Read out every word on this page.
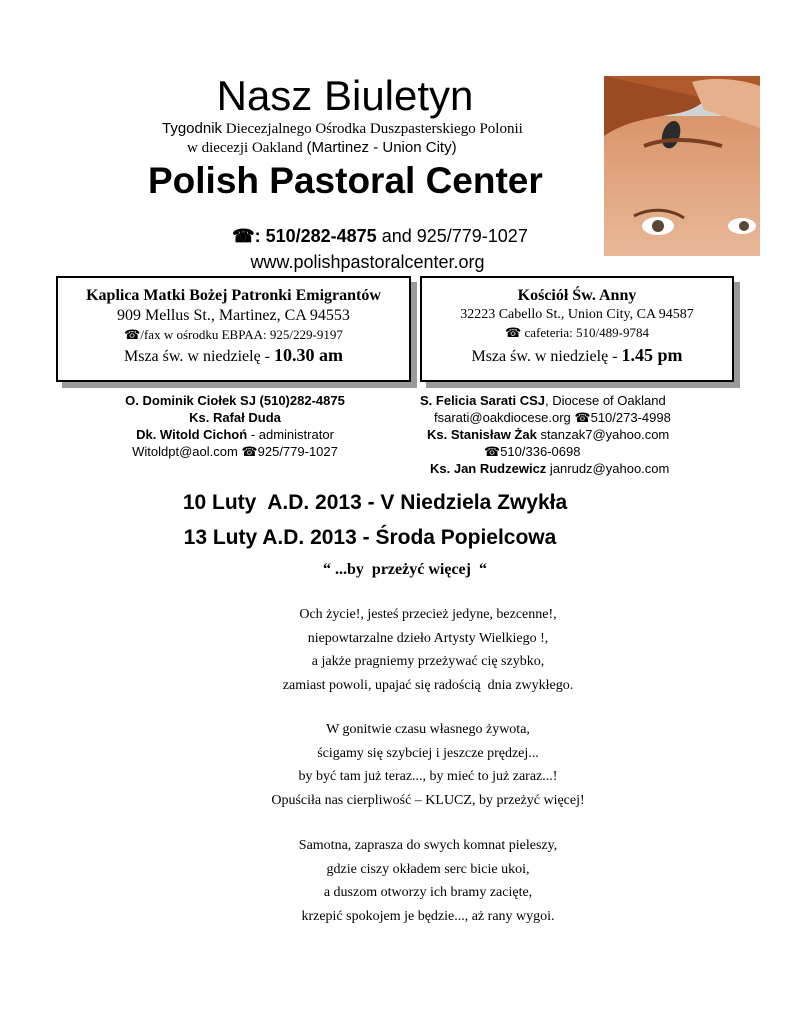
Nasz Biuletyn
Tygodnik Diecezjalnego Ośrodka Duszpasterskiego Polonii
w diecezji Oakland (Martinez - Union City)
Polish Pastoral Center
☎: 510/282-4875 and 925/779-1027
www.polishpastoralcenter.org
Kaplica Matki Bożej Patronki Emigrantów
909 Mellus St., Martinez, CA 94553
☎/fax w ośrodku EBPAA: 925/229-9197
Msza św. w niedzielę - 10.30 am
Kościół Św. Anny
32223 Cabello St., Union City, CA 94587
☎ cafeteria: 510/489-9784
Msza św. w niedzielę - 1.45 pm
O. Dominik Ciołek SJ (510)282-4875
Ks. Rafał Duda
Dk. Witold Cichoń - administrator
Witoldpt@aol.com ☎925/779-1027
S. Felicia Sarati CSJ, Diocese of Oakland
fsarati@oakdiocese.org ☎510/273-4998
Ks. Stanisław Żak stanzak7@yahoo.com
☎510/336-0698
Ks. Jan Rudzewicz janrudz@yahoo.com
10 Luty  A.D. 2013 - V Niedziela Zwykła
13 Luty A.D. 2013 - Środa Popielcowa
“ ...by  przeżyć więcej  “
Och życie!, jesteś przecież jedyne, bezcenne!,
niepowtarzalne dzieło Artysty Wielkiego !,
a jakże pragniemy przeżywać cię szybko,
zamiast powoli, upajać się radością  dnia zwykłego.
W gonitwie czasu własnego żywota,
ścigamy się szybciej i jeszcze prędzej...
by być tam już teraz..., by mieć to już zaraz...!
Opuściła nas cierpliwość – KLUCZ, by przeżyć więcej!
Samotna, zaprasza do swych komnat pieleszy,
gdzie ciszy okładem serc bicie ukoi,
a duszom otworzy ich bramy zacięte,
krzepić spokojem je będzie..., aż rany wygoi.
